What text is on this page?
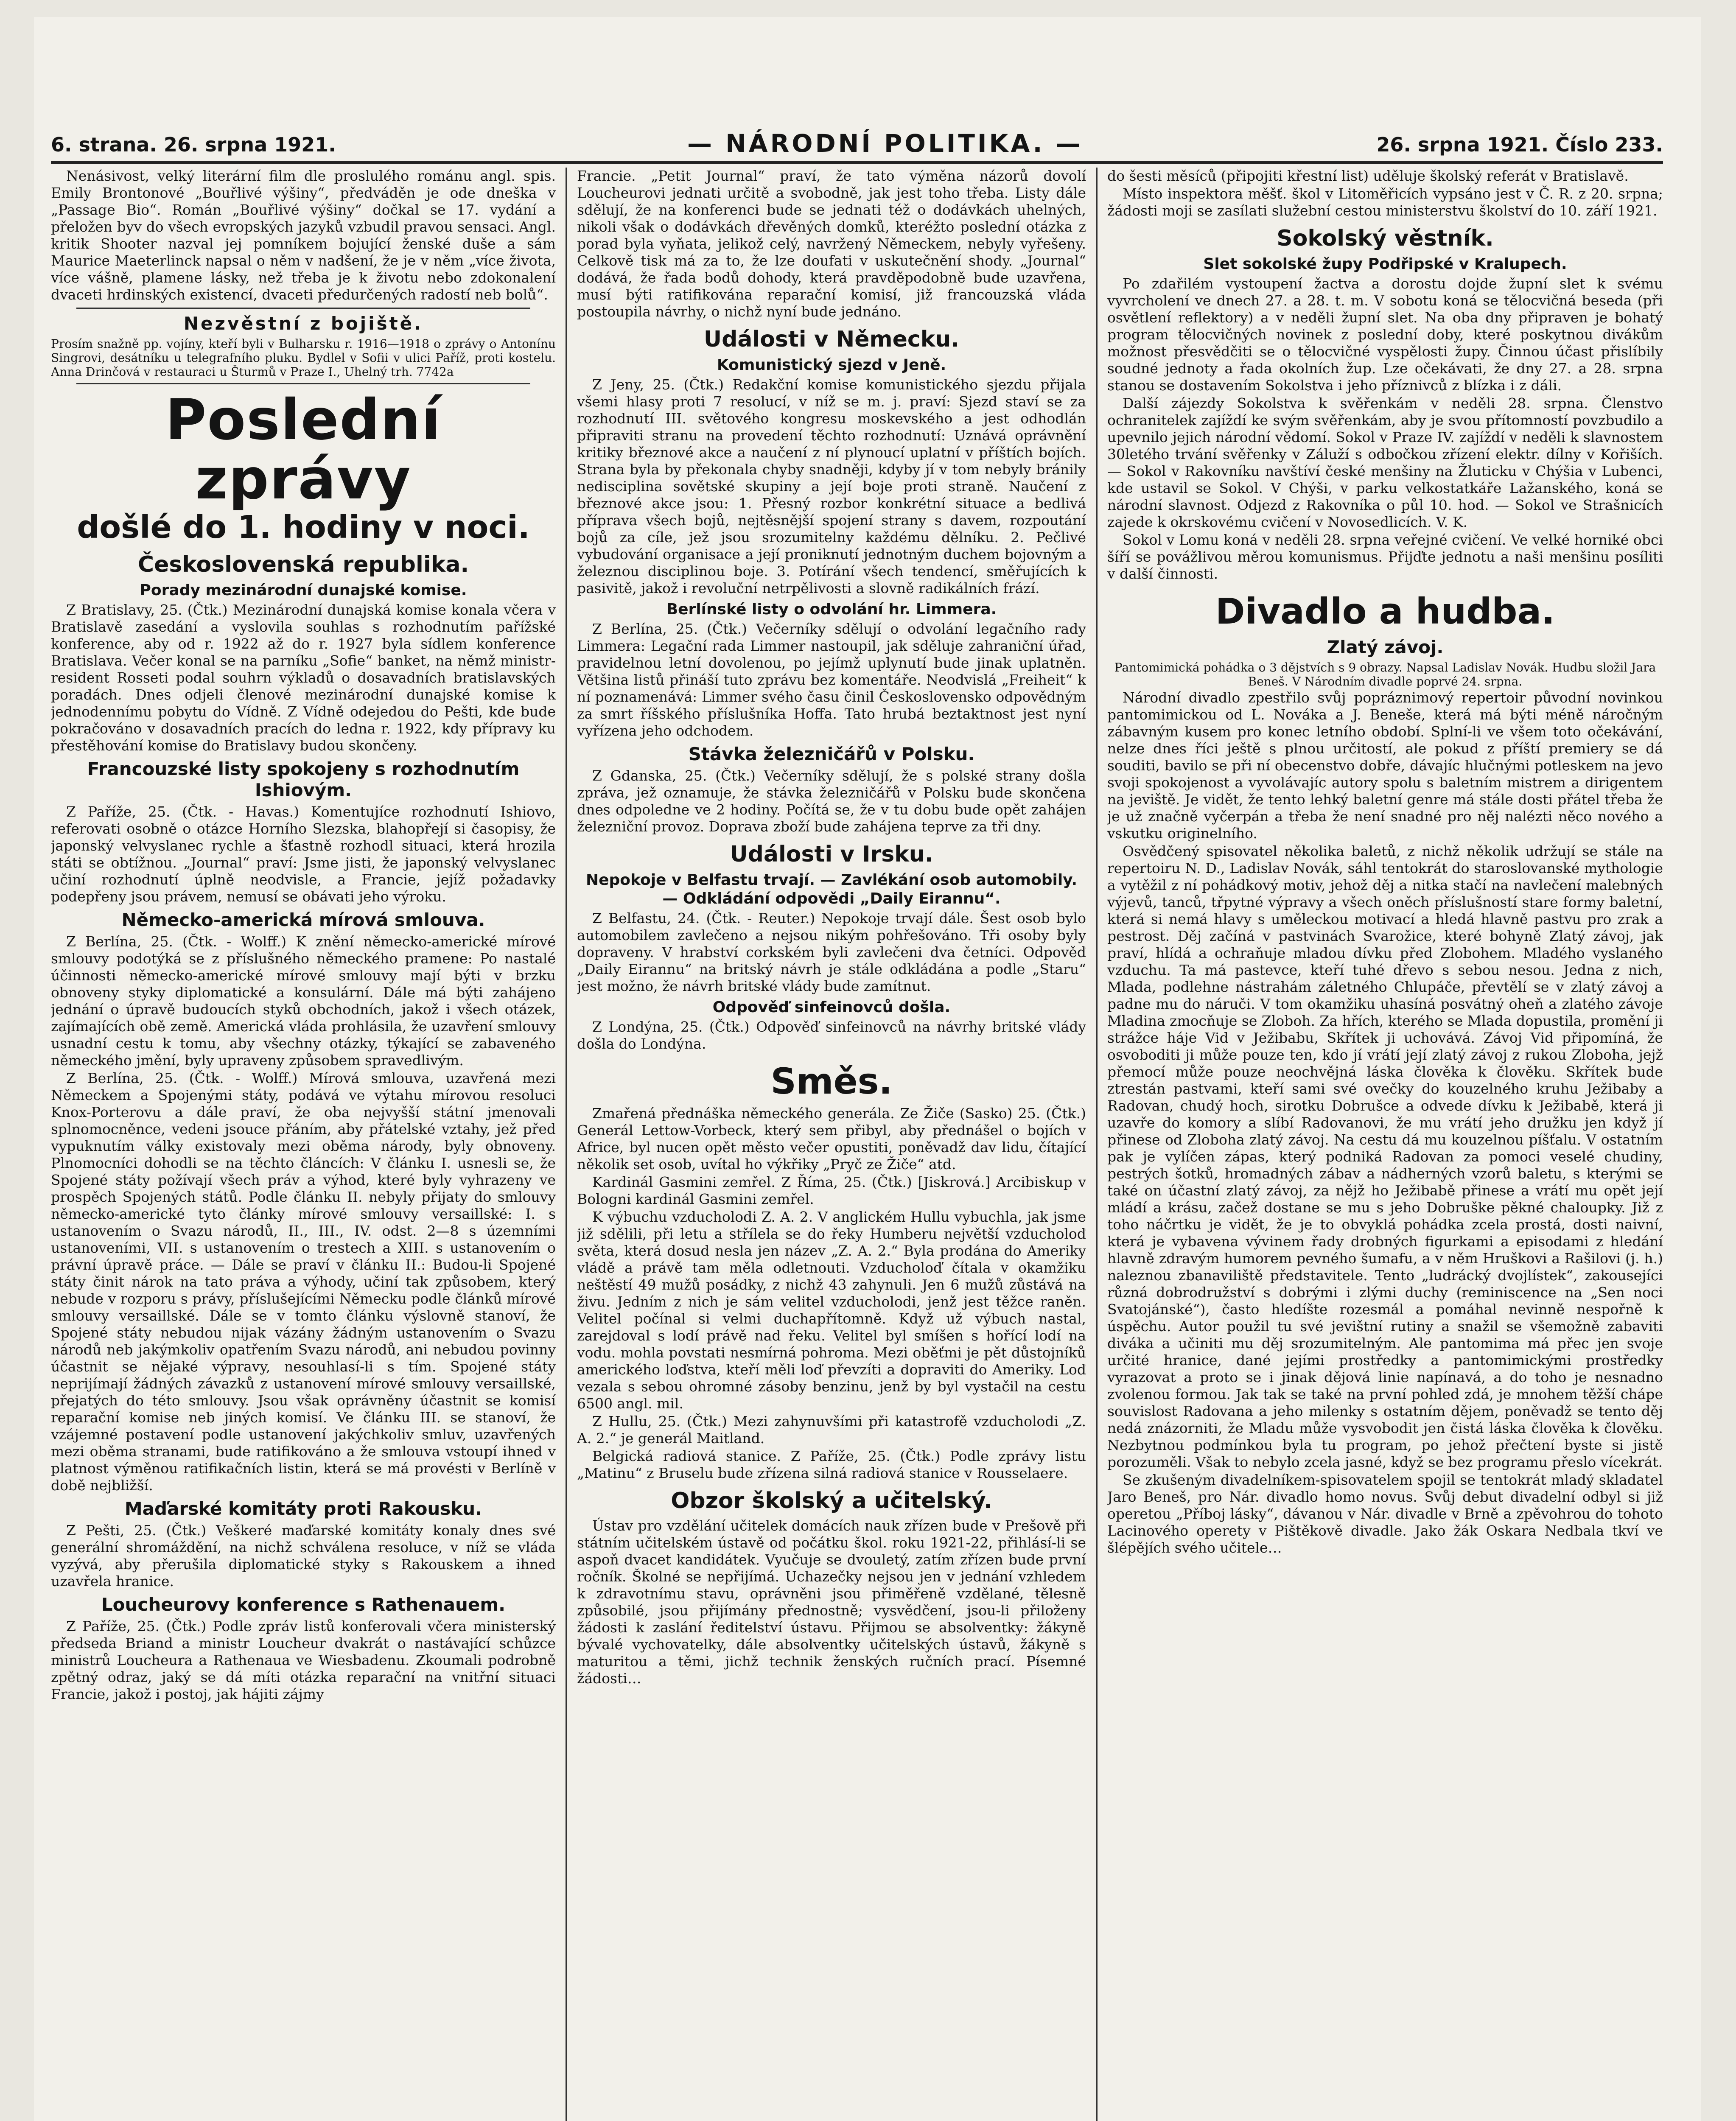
6. strana. 26. srpna 1921.	— NÁRODNÍ POLITIKA. —	26. srpna 1921. Číslo 233.

Nenásivost, velký literární film dle proslulého románu angl. spis. Emily Brontonové „Bouřlivé výšiny“, předváděn je ode dneška v „Passage Bio“. Román „Bouřlivé výšiny“ dočkal se 17. vydání a přeložen byv do všech evropských jazyků vzbudil pravou sensaci. Angl. kritik Shooter nazval jej pomníkem bojující ženské duše a sám Maurice Maeterlinck napsal o něm v nadšení, že je v něm „více života, více vášně, plamene lásky, než třeba je k životu nebo zdokonalení dvaceti hrdinských existencí, dvaceti předurčených radostí neb bolů“.

Nezvěstní z bojiště.

Prosím snažně pp. vojíny, kteří byli v Bulharsku r. 1916—1918 o zprávy o Antonínu Singrovi, desátníku u telegrafního pluku. Bydlel v Sofii v ulici Paříž, proti kostelu. Anna Drinčová v restauraci u Šturmů v Praze I., Uhelný trh. 7742a

Poslední zprávy
došlé do 1. hodiny v noci.
Československá republika.
Porady mezinárodní dunajské komise.

Z Bratislavy, 25. (Čtk.) Mezinárodní dunajská komise konala včera v Bratislavě zasedání a vyslovila souhlas s rozhodnutím pařížské konference, aby od r. 1922 až do r. 1927 byla sídlem konference Bratislava. Večer konal se na parníku „Sofie“ banket, na němž ministr-resident Rosseti podal souhrn výkladů o dosavadních bratislavských poradách. Dnes odjeli členové mezinárodní dunajské komise k jednodennímu pobytu do Vídně. Z Vídně odejedou do Pešti, kde bude pokračováno v dosavadních pracích do ledna r. 1922, kdy přípravy ku přestěhování komise do Bratislavy budou skončeny.

Francouzské listy spokojeny s rozhodnutím Ishiovým.

Z Paříže, 25. (Čtk. - Havas.) Komentujíce rozhodnutí Ishiovo, referovati osobně o otázce Horního Slezska, blahopřejí si časopisy, že japonský velvyslanec rychle a šťastně rozhodl situaci, která hrozila státi se obtížnou. „Journal“ praví: Jsme jisti, že japonský velvyslanec učiní rozhodnutí úplně neodvisle, a Francie, jejíž požadavky podepřeny jsou právem, nemusí se obávati jeho výroku.

Německo-americká mírová smlouva.

Z Berlína, 25. (Čtk. - Wolff.) K znění německo-americké mírové smlouvy podotýká se z příslušného německého pramene: Po nastalé účinnosti německo-americké mírové smlouvy mají býti v brzku obnoveny styky diplomatické a konsulární. Dále má býti zahájeno jednání o úpravě budoucích styků obchodních, jakož i všech otázek, zajímajících obě země. Americká vláda prohlásila, že uzavření smlouvy usnadní cestu k tomu, aby všechny otázky, týkající se zabaveného německého jmění, byly upraveny způsobem spravedlivým.

Z Berlína, 25. (Čtk. - Wolff.) Mírová smlouva, uzavřená mezi Německem a Spojenými státy, podává ve výtahu mírovou resoluci Knox-Porterovu a dále praví, že oba nejvyšší státní jmenovali splnomocněnce, vedeni jsouce přáním, aby přátelské vztahy, jež před vypuknutím války existovaly mezi oběma národy, byly obnoveny. Plnomocníci dohodli se na těchto článcích: V článku I. usnesli se, že Spojené státy požívají všech práv a výhod, které byly vyhrazeny ve prospěch Spojených států. Podle článku II. nebyly přijaty do smlouvy německo-americké tyto články mírové smlouvy versaillské: I. s ustanovením o Svazu národů, II., III., IV. odst. 2—8 s územními ustanoveními, VII. s ustanovením o trestech a XIII. s ustanovením o právní úpravě práce. — Dále se praví v článku II.: Budou-li Spojené státy činit nárok na tato práva a výhody, učiní tak způsobem, který nebude v rozporu s právy, příslušejícími Německu podle článků mírové smlouvy versaillské. Dále se v tomto článku výslovně stanoví, že Spojené státy nebudou nijak vázány žádným ustanovením o Svazu národů neb jakýmkoliv opatřením Svazu národů, ani nebudou povinny účastnit se nějaké výpravy, nesouhlasí-li s tím. Spojené státy neprijímají žádných závazků z ustanovení mírové smlouvy versaillské, přejatých do této smlouvy. Jsou však oprávněny účastnit se komisí reparační komise neb jiných komisí. Ve článku III. se stanoví, že vzájemné postavení podle ustanovení jakýchkoliv smluv, uzavřených mezi oběma stranami, bude ratifikováno a že smlouva vstoupí ihned v platnost výměnou ratifikačních listin, která se má provésti v Berlíně v době nejbližší.

Maďarské komitáty proti Rakousku.

Z Pešti, 25. (Čtk.) Veškeré maďarské komitáty konaly dnes své generální shromáždění, na nichž schválena resoluce, v níž se vláda vyzývá, aby přerušila diplomatické styky s Rakouskem a ihned uzavřela hranice.

Loucheurovy konference s Rathenauem.

Z Paříže, 25. (Čtk.) Podle zpráv listů konferovali včera ministerský předseda Briand a ministr Loucheur dvakrát o nastávající schůzce ministrů Loucheura a Rathenaua ve Wiesbadenu. Zkoumali podrobně zpětný odraz, jaký se dá míti otázka reparační na vnitřní situaci Francie, jakož i postoj, jak hájiti zájmy

Francie. „Petit Journal“ praví, že tato výměna názorů dovolí Loucheurovi jednati určitě a svobodně, jak jest toho třeba. Listy dále sdělují, že na konferenci bude se jednati též o dodávkách uhelných, nikoli však o dodávkách dřevěných domků, kteréžto poslední otázka z porad byla vyňata, jelikož celý, navržený Německem, nebyly vyřešeny. Celkově tisk má za to, že lze doufati v uskutečnění shody. „Journal“ dodává, že řada bodů dohody, která pravděpodobně bude uzavřena, musí býti ratifikována reparační komisí, již francouzská vláda postoupila návrhy, o nichž nyní bude jednáno.

Události v Německu.
Komunistický sjezd v Jeně.

Z Jeny, 25. (Čtk.) Redakční komise komunistického sjezdu přijala všemi hlasy proti 7 resolucí, v níž se m. j. praví: Sjezd staví se za rozhodnutí III. světového kongresu moskevského a jest odhodlán připraviti stranu na provedení těchto rozhodnutí: Uznává oprávnění kritiky březnové akce a naučení z ní plynoucí uplatní v příštích bojích. Strana byla by překonala chyby snadněji, kdyby jí v tom nebyly bránily nedisciplina sovětské skupiny a její boje proti straně. Naučení z březnové akce jsou: 1. Přesný rozbor konkrétní situace a bedlivá příprava všech bojů, nejtěsnější spojení strany s davem, rozpoutání bojů za cíle, jež jsou srozumitelny každému dělníku. 2. Pečlivé vybudování organisace a její proniknutí jednotným duchem bojovným a železnou disciplinou boje. 3. Potírání všech tendencí, směřujících k pasivitě, jakož i revoluční netrpělivosti a slovně radikálních frází.

Berlínské listy o odvolání hr. Limmera.

Z Berlína, 25. (Čtk.) Večerníky sdělují o odvolání legačního rady Limmera: Legační rada Limmer nastoupil, jak sděluje zahraniční úřad, pravidelnou letní dovolenou, po jejímž uplynutí bude jinak uplatněn. Většina listů přináší tuto zprávu bez komentáře. Neodvislá „Freiheit“ k ní poznamenává: Limmer svého času činil Československo odpovědným za smrt říšského příslušníka Hoffa. Tato hrubá beztaktnost jest nyní vyřízena jeho odchodem.

Stávka železničářů v Polsku.

Z Gdanska, 25. (Čtk.) Večerníky sdělují, že s polské strany došla zpráva, jež oznamuje, že stávka železničářů v Polsku bude skončena dnes odpoledne ve 2 hodiny. Počítá se, že v tu dobu bude opět zahájen železniční provoz. Doprava zboží bude zahájena teprve za tři dny.

Události v Irsku.
Nepokoje v Belfastu trvají. — Zavlékání osob automobily. — Odkládání odpovědi „Daily Eirannu“.

Z Belfastu, 24. (Čtk. - Reuter.) Nepokoje trvají dále. Šest osob bylo automobilem zavlečeno a nejsou nikým pohřešováno. Tři osoby byly dopraveny. V hrabství corkském byli zavlečeni dva četníci. Odpověď „Daily Eirannu“ na britský návrh je stále odkládána a podle „Staru“ jest možno, že návrh britské vlády bude zamítnut.

Odpověď sinfeinovců došla.

Z Londýna, 25. (Čtk.) Odpověď sinfeinovců na návrhy britské vlády došla do Londýna.

Směs.

Zmařená přednáška německého generála. Ze Žiče (Sasko) 25. (Čtk.) Generál Lettow-Vorbeck, který sem přibyl, aby přednášel o bojích v Africe, byl nucen opět město večer opustiti, poněvadž dav lidu, čítající několik set osob, uvítal ho výkřiky „Pryč ze Žiče“ atd.

Kardinál Gasmini zemřel. Z Říma, 25. (Čtk.) [Jiskrová.] Arcibiskup v Bologni kardinál Gasmini zemřel.

K výbuchu vzducholodi Z. A. 2. V anglickém Hullu vybuchla, jak jsme již sdělili, při letu a střílela se do řeky Humberu největší vzducholoď světa, která dosud nesla jen název „Z. A. 2.“ Byla prodána do Ameriky vládě a právě tam měla odletnouti. Vzducholoď čítala v okamžiku neštěstí 49 mužů posádky, z nichž 43 zahynuli. Jen 6 mužů zůstává na živu. Jedním z nich je sám velitel vzducholodi, jenž jest těžce raněn. Velitel počínal si velmi duchapřítomně. Když už výbuch nastal, zarejdoval s lodí právě nad řeku. Velitel byl smíšen s hořící lodí na vodu. mohla povstati nesmírná pohroma. Mezi oběťmi je pět důstojníků amerického loďstva, kteří měli loď převzíti a dopraviti do Ameriky. Loď vezala s sebou ohromné zásoby benzinu, jenž by byl vystačil na cestu 6500 angl. mil.

Z Hullu, 25. (Čtk.) Mezi zahynuvšími při katastrofě vzducholodi „Z. A. 2.“ je generál Maitland.

Belgická radiová stanice. Z Paříže, 25. (Čtk.) Podle zprávy listu „Matinu“ z Bruselu bude zřízena silná radiová stanice v Rousselaere.

Obzor školský a učitelský.

Ústav pro vzdělání učitelek domácích nauk zřízen bude v Prešově při státním učitelském ústavě od počátku škol. roku 1921-22, přihlásí-li se aspoň dvacet kandidátek. Vyučuje se dvouletý, zatím zřízen bude první ročník. Školné se nepřijímá. Uchazečky nejsou jen v jednání vzhledem k zdravotnímu stavu, oprávněni jsou přiměřeně vzdělané, tělesně způsobilé, jsou přijímány přednostně; vysvědčení, jsou-li přiloženy žádosti k zaslání ředitelství ústavu. Přijmou se absolventky: žákyně bývalé vychovatelky, dále absolventky učitelských ústavů, žákyně s maturitou a těmi, jichž technik ženských ručních prací. Písemné žádosti…

do šesti měsíců (připojiti křestní list) uděluje školský referát v Bratislavě.

Místo inspektora měšť. škol v Litoměřicích vypsáno jest v Č. R. z 20. srpna; žádosti moji se zasílati služební cestou ministerstvu školství do 10. září 1921.

Sokolský věstník.
Slet sokolské župy Podřipské v Kralupech.

Po zdařilém vystoupení žactva a dorostu dojde župní slet k svému vyvrcholení ve dnech 27. a 28. t. m. V sobotu koná se tělocvičná beseda (při osvětlení reflektory) a v neděli župní slet. Na oba dny připraven je bohatý program tělocvičných novinek z poslední doby, které poskytnou divákům možnost přesvědčiti se o tělocvičné vyspělosti župy. Činnou účast přislíbily soudné jednoty a řada okolních žup. Lze očekávati, že dny 27. a 28. srpna stanou se dostavením Sokolstva i jeho příznivců z blízka i z dáli.

Další zájezdy Sokolstva k svěřenkám v neděli 28. srpna. Členstvo ochranitelek zajíždí ke svým svěřenkám, aby je svou přítomností povzbudilo a upevnilo jejich národní vědomí. Sokol v Praze IV. zajíždí v neděli k slavnostem 30letého trvání svěřenky v Záluží s odbočkou zřízení elektr. dílny v Kořiších. — Sokol v Rakovníku navštíví české menšiny na Žluticku v Chýšia v Lubenci, kde ustavil se Sokol. V Chýši, v parku velkostatkáře Lažanského, koná se národní slavnost. Odjezd z Rakovníka o půl 10. hod. — Sokol ve Strašnicích zajede k okrskovému cvičení v Novosedlicích. V. K.

Sokol v Lomu koná v neděli 28. srpna veřejné cvičení. Ve velké horniké obci šíří se povážlivou měrou komunismus. Přijďte jednotu a naši menšinu posíliti v další činnosti.

Divadlo a hudba.
Zlatý závoj.

Pantomimická pohádka o 3 dějstvích s 9 obrazy. Napsal Ladislav Novák. Hudbu složil Jara Beneš. V Národním divadle poprvé 24. srpna.

Národní divadlo zpestřilo svůj popráznimový repertoir původní novinkou pantomimickou od L. Nováka a J. Beneše, která má býti méně náročným zábavným kusem pro konec letního období. Splní-li ve všem toto očekávání, nelze dnes říci ještě s plnou určitostí, ale pokud z příští premiery se dá souditi, bavilo se při ní obecenstvo dobře, dávajíc hlučnými potleskem na jevo svoji spokojenost a vyvolávajíc autory spolu s baletním mistrem a dirigentem na jeviště. Je vidět, že tento lehký baletní genre má stále dosti přátel třeba že je už značně vyčerpán a třeba že není snadné pro něj nalézti něco nového a vskutku originelního.

Osvědčený spisovatel několika baletů, z nichž několik udržují se stále na repertoiru N. D., Ladislav Novák, sáhl tentokrát do staroslovanské mythologie a vytěžil z ní pohádkový motiv, jehož děj a nitka stačí na navlečení malebných výjevů, tanců, třpytné výpravy a všech oněch příslušností stare formy baletní, která si nemá hlavy s uměleckou motivací a hledá hlavně pastvu pro zrak a pestrost. Děj začíná v pastvinách Svarožice, které bohyně Zlatý závoj, jak praví, hlídá a ochraňuje mladou dívku před Zlobohem. Mladého vyslaného vzduchu. Ta má pastevce, kteří tuhé dřevo s sebou nesou. Jedna z nich, Mlada, podlehne nástrahám záletného Chlupáče, převtělí se v zlatý závoj a padne mu do náruči. V tom okamžiku uhasíná posvátný oheň a zlatého závoje Mladina zmocňuje se Zloboh. Za hřích, kterého se Mlada dopustila, promění ji strážce háje Vid v Ježibabu, Skřítek ji uchovává. Závoj Vid připomíná, že osvoboditi ji může pouze ten, kdo jí vrátí její zlatý závoj z rukou Zloboha, jejž přemocí může pouze neochvějná láska člověka k člověku. Skřítek bude ztrestán pastvami, kteří sami své ovečky do kouzelného kruhu Ježibaby a Radovan, chudý hoch, sirotku Dobrušce a odvede dívku k Ježibabě, která ji uzavře do komory a slíbí Radovanovi, že mu vrátí jeho družku jen když jí přinese od Zloboha zlatý závoj. Na cestu dá mu kouzelnou píšťalu. V ostatním pak je vylíčen zápas, který podniká Radovan za pomoci veselé chudiny, pestrých šotků, hromadných zábav a nádherných vzorů baletu, s kterými se také on účastní zlatý závoj, za nějž ho Ježibabě přinese a vrátí mu opět její mládí a krásu, začež dostane se mu s jeho Dobruške pěkné chaloupky. Již z toho náčrtku je vidět, že je to obvyklá pohádka zcela prostá, dosti naivní, která je vybavena vývinem řady drobných figurkami a episodami z hledání hlavně zdravým humorem pevného šumafu, a v něm Hruškovi a Rašilovi (j. h.) naleznou zbanaviliště představitele. Tento „ludrácký dvojlístek“, zakousejíci různá dobrodružství s dobrými i zlými duchy (reminiscence na „Sen noci Svatojánské“), často hledíšte rozesmál a pomáhal nevinně nespořně k úspěchu. Autor použil tu své jevištní rutiny a snažil se všemožně zabaviti diváka a učiniti mu děj srozumitelným. Ale pantomima má přec jen svoje určité hranice, dané jejími prostředky a pantomimickými prostředky vyrazovat a proto se i jinak dějová linie napínavá, a do toho je nesnadno zvolenou formou. Jak tak se také na první pohled zdá, je mnohem těžší chápe souvislost Radovana a jeho milenky s ostatním dějem, poněvadž se tento děj nedá znázorniti, že Mladu může vysvobodit jen čistá láska člověka k člověku. Nezbytnou podmínkou byla tu program, po jehož přečtení byste si jistě porozuměli. Však to nebylo zcela jasné, když se bez programu přeslo vícekrát.

Se zkušeným divadelníkem-spisovatelem spojil se tentokrát mladý skladatel Jaro Beneš, pro Nár. divadlo homo novus. Svůj debut divadelní odbyl si již operetou „Příboj lásky“, dávanou v Nár. divadle v Brně a zpěvohrou do tohoto Lacinového operety v Pištěkově divadle. Jako žák Oskara Nedbala tkví ve šlépějích svého učitele…
